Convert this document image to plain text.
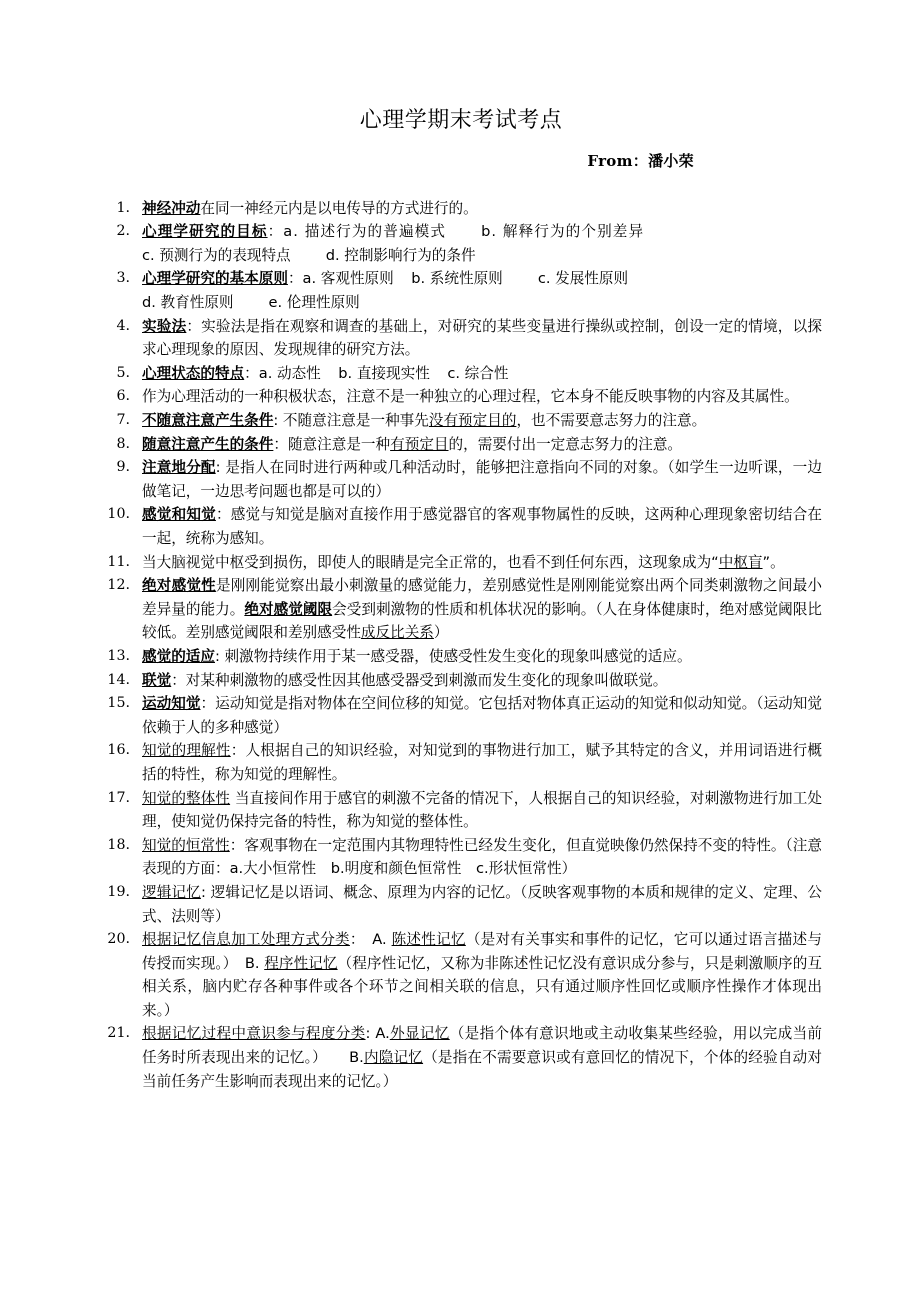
心理学期末考试考点

From：潘小荣

1. 神经冲动在同一神经元内是以电传导的方式进行的。

2. 心理学研究的目标：a. 描述行为的普遍模式 b. 解释行为的个别差异

c. 预测行为的表现特点 d. 控制影响行为的条件

3. 心理学研究的基本原则：a. 客观性原则 b. 系统性原则 c. 发展性原则

d. 教育性原则 e. 伦理性原则

4. 实验法：实验法是指在观察和调查的基础上，对研究的某些变量进行操纵或控制，创设一定的情境，以探求心理现象的原因、发现规律的研究方法。

5. 心理状态的特点：a. 动态性 b. 直接现实性 c. 综合性

6. 作为心理活动的一种积极状态，注意不是一种独立的心理过程，它本身不能反映事物的内容及其属性。

7. 不随意注意产生条件: 不随意注意是一种事先没有预定目的，也不需要意志努力的注意。

8. 随意注意产生的条件：随意注意是一种有预定目的，需要付出一定意志努力的注意。

9. 注意地分配: 是指人在同时进行两种或几种活动时，能够把注意指向不同的对象。（如学生一边听课，一边做笔记，一边思考问题也都是可以的）

10. 感觉和知觉：感觉与知觉是脑对直接作用于感觉器官的客观事物属性的反映，这两种心理现象密切结合在一起，统称为感知。

11. 当大脑视觉中枢受到损伤，即使人的眼睛是完全正常的，也看不到任何东西，这现象成为“中枢盲”。

12. 绝对感觉性是刚刚能觉察出最小刺激量的感觉能力，差别感觉性是刚刚能觉察出两个同类刺激物之间最小差异量的能力。绝对感觉阈限会受到刺激物的性质和机体状况的影响。（人在身体健康时，绝对感觉阈限比较低。差别感觉阈限和差别感受性成反比关系）

13. 感觉的适应: 刺激物持续作用于某一感受器，使感受性发生变化的现象叫感觉的适应。

14. 联觉：对某种刺激物的感受性因其他感受器受到刺激而发生变化的现象叫做联觉。

15. 运动知觉：运动知觉是指对物体在空间位移的知觉。它包括对物体真正运动的知觉和似动知觉。（运动知觉依赖于人的多种感觉）

16. 知觉的理解性：人根据自己的知识经验，对知觉到的事物进行加工，赋予其特定的含义，并用词语进行概括的特性，称为知觉的理解性。

17. 知觉的整体性 当直接间作用于感官的刺激不完备的情况下，人根据自己的知识经验，对刺激物进行加工处理，使知觉仍保持完备的特性，称为知觉的整体性。

18. 知觉的恒常性：客观事物在一定范围内其物理特性已经发生变化，但直觉映像仍然保持不变的特性。（注意表现的方面：a.大小恒常性　b.明度和颜色恒常性　c.形状恒常性）

19. 逻辑记忆: 逻辑记忆是以语词、概念、原理为内容的记忆。（反映客观事物的本质和规律的定义、定理、公式、法则等）

20. 根据记忆信息加工处理方式分类：　A. 陈述性记忆（是对有关事实和事件的记忆，它可以通过语言描述与传授而实现。）　B. 程序性记忆（程序性记忆，又称为非陈述性记忆没有意识成分参与，只是刺激顺序的互相关系，脑内贮存各种事件或各个环节之间相关联的信息，只有通过顺序性回忆或顺序性操作才体现出来。）

21. 根据记忆过程中意识参与程度分类: A.外显记忆（是指个体有意识地或主动收集某些经验，用以完成当前任务时所表现出来的记忆。）　　B.内隐记忆（是指在不需要意识或有意回忆的情况下，个体的经验自动对当前任务产生影响而表现出来的记忆。）
